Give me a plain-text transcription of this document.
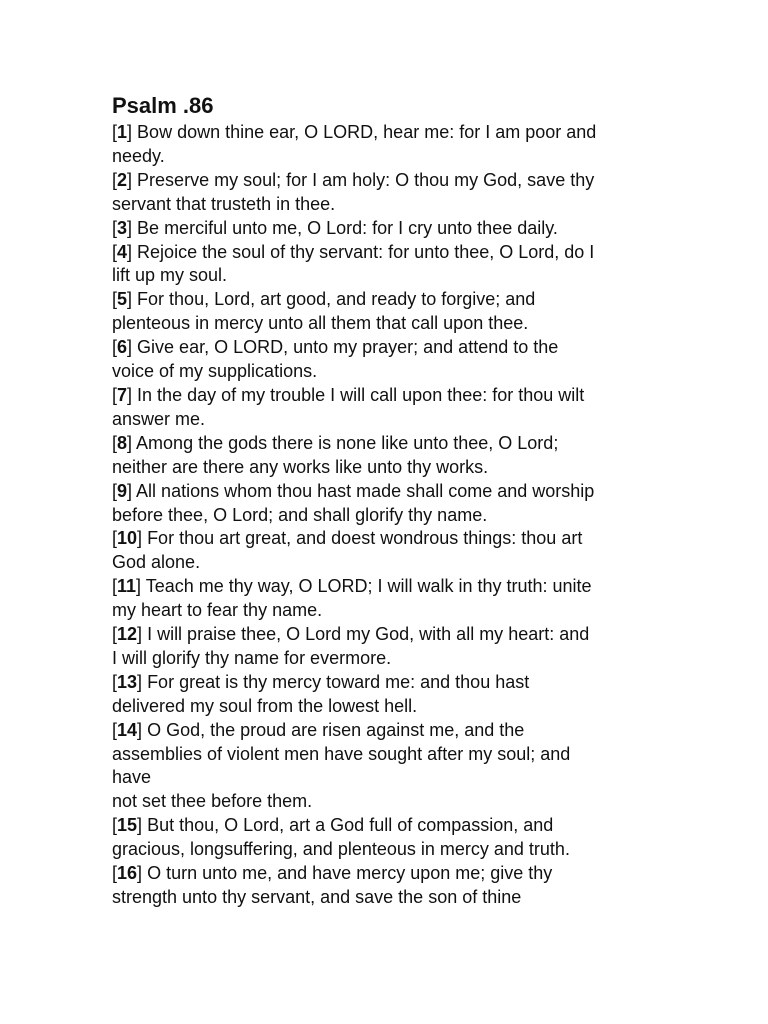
Psalm .86
[1] Bow down thine ear, O LORD, hear me: for I am poor and
needy.
[2] Preserve my soul; for I am holy: O thou my God, save thy
servant that trusteth in thee.
[3] Be merciful unto me, O Lord: for I cry unto thee daily.
[4] Rejoice the soul of thy servant: for unto thee, O Lord, do I
lift up my soul.
[5] For thou, Lord, art good, and ready to forgive; and
plenteous in mercy unto all them that call upon thee.
[6] Give ear, O LORD, unto my prayer; and attend to the
voice of my supplications.
[7] In the day of my trouble I will call upon thee: for thou wilt
answer me.
[8] Among the gods there is none like unto thee, O Lord;
neither are there any works like unto thy works.
[9] All nations whom thou hast made shall come and worship
before thee, O Lord; and shall glorify thy name.
[10] For thou art great, and doest wondrous things: thou art
God alone.
[11] Teach me thy way, O LORD; I will walk in thy truth: unite
my heart to fear thy name.
[12] I will praise thee, O Lord my God, with all my heart: and
I will glorify thy name for evermore.
[13] For great is thy mercy toward me: and thou hast
delivered my soul from the lowest hell.
[14] O God, the proud are risen against me, and the
assemblies of violent men have sought after my soul; and
have
not set thee before them.
[15] But thou, O Lord, art a God full of compassion, and
gracious, longsuffering, and plenteous in mercy and truth.
[16] O turn unto me, and have mercy upon me; give thy
strength unto thy servant, and save the son of thine
